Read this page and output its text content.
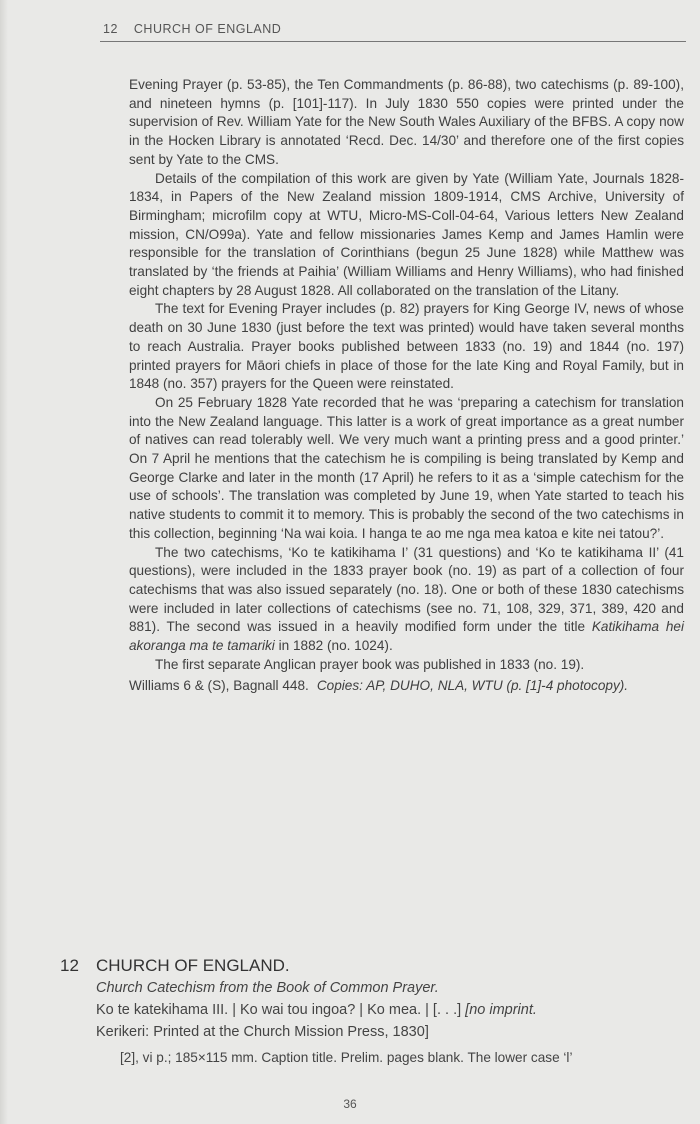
12 CHURCH OF ENGLAND

Evening Prayer (p. 53-85), the Ten Commandments (p. 86-88), two catechisms (p. 89-100), and nineteen hymns (p. [101]-117). In July 1830 550 copies were printed under the supervision of Rev. William Yate for the New South Wales Auxiliary of the BFBS. A copy now in the Hocken Library is annotated ‘Recd. Dec. 14/30’ and therefore one of the first copies sent by Yate to the CMS.

Details of the compilation of this work are given by Yate (William Yate, Journals 1828-1834, in Papers of the New Zealand mission 1809-1914, CMS Archive, University of Birmingham; microfilm copy at WTU, Micro-MS-Coll-04-64, Various letters New Zealand mission, CN/O99a). Yate and fellow missionaries James Kemp and James Hamlin were responsible for the translation of Corinthians (begun 25 June 1828) while Matthew was translated by ‘the friends at Paihia’ (William Williams and Henry Williams), who had finished eight chapters by 28 August 1828. All collaborated on the translation of the Litany.

The text for Evening Prayer includes (p. 82) prayers for King George IV, news of whose death on 30 June 1830 (just before the text was printed) would have taken several months to reach Australia. Prayer books published between 1833 (no. 19) and 1844 (no. 197) printed prayers for Māori chiefs in place of those for the late King and Royal Family, but in 1848 (no. 357) prayers for the Queen were reinstated.

On 25 February 1828 Yate recorded that he was ‘preparing a catechism for translation into the New Zealand language. This latter is a work of great importance as a great number of natives can read tolerably well. We very much want a printing press and a good printer.’ On 7 April he mentions that the catechism he is compiling is being translated by Kemp and George Clarke and later in the month (17 April) he refers to it as a ‘simple catechism for the use of schools’. The translation was completed by June 19, when Yate started to teach his native students to commit it to memory. This is probably the second of the two catechisms in this collection, beginning ‘Na wai koia. I hanga te ao me nga mea katoa e kite nei tatou?’.

The two catechisms, ‘Ko te katikihama I’ (31 questions) and ‘Ko te katikihama II’ (41 questions), were included in the 1833 prayer book (no. 19) as part of a collection of four catechisms that was also issued separately (no. 18). One or both of these 1830 catechisms were included in later collections of catechisms (see no. 71, 108, 329, 371, 389, 420 and 881). The second was issued in a heavily modified form under the title Katikihama hei akoranga ma te tamariki in 1882 (no. 1024).

The first separate Anglican prayer book was published in 1833 (no. 19).

Williams 6 & (S), Bagnall 448. Copies: AP, DUHO, NLA, WTU (p. [1]-4 photocopy).

12 CHURCH OF ENGLAND.
Church Catechism from the Book of Common Prayer.
Ko te katekihama III. | Ko wai tou ingoa? | Ko mea. | [. . .] [no imprint.
Kerikeri: Printed at the Church Mission Press, 1830]
[2], vi p.; 185×115 mm. Caption title. Prelim. pages blank. The lower case ‘l’
36
